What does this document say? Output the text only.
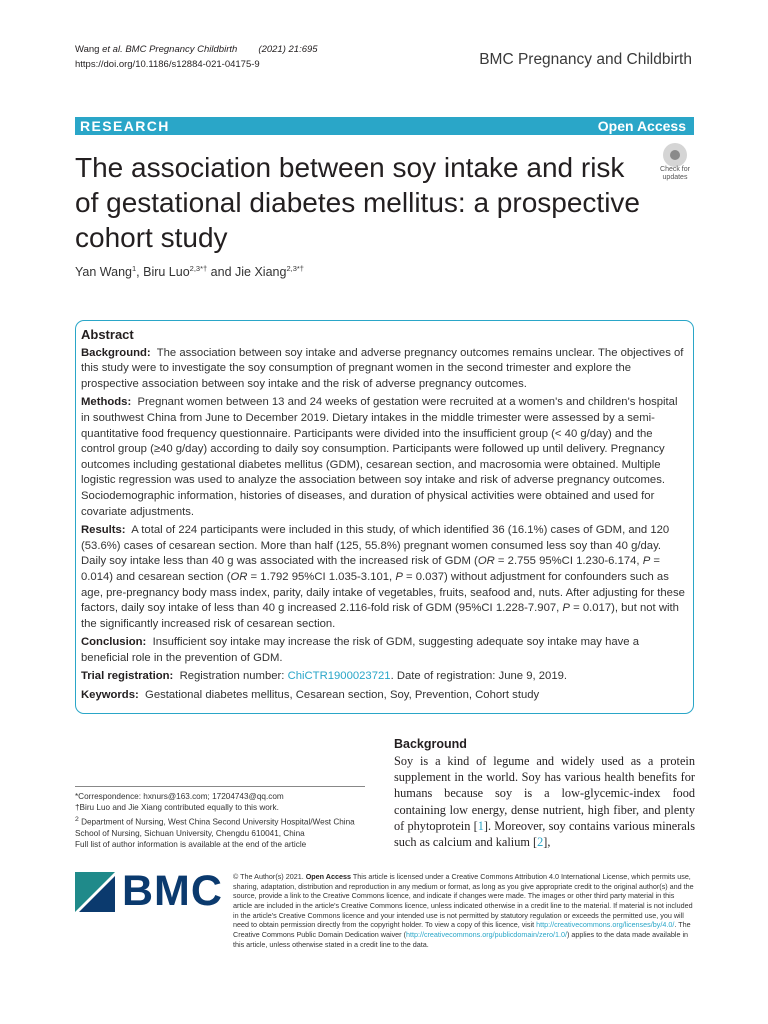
Wang et al. BMC Pregnancy Childbirth (2021) 21:695
https://doi.org/10.1186/s12884-021-04175-9	BMC Pregnancy and Childbirth
RESEARCH	Open Access
The association between soy intake and risk of gestational diabetes mellitus: a prospective cohort study
Check for
updates
Yan Wang$^1$, Biru Luo$^{2,3*\dagger}$ and Jie Xiang$^{2,3*\dagger}$
Abstract

Background: The association between soy intake and adverse pregnancy outcomes remains unclear. The objectives of this study were to investigate the soy consumption of pregnant women in the second trimester and explore the prospective association between soy intake and the risk of adverse pregnancy outcomes.

Methods: Pregnant women between 13 and 24 weeks of gestation were recruited at a women's and children's hospital in southwest China from June to December 2019. Dietary intakes in the middle trimester were assessed by a semi-quantitative food frequency questionnaire. Participants were divided into the insufficient group (< 40 g/day) and the control group (≥40 g/day) according to daily soy consumption. Participants were followed up until delivery. Pregnancy outcomes including gestational diabetes mellitus (GDM), cesarean section, and macrosomia were obtained. Multiple logistic regression was used to analyze the association between soy intake and risk of adverse pregnancy outcomes. Sociodemographic information, histories of diseases, and duration of physical activities were obtained and used for covariate adjustments.

Results: A total of 224 participants were included in this study, of which identified 36 (16.1%) cases of GDM, and 120 (53.6%) cases of cesarean section. More than half (125, 55.8%) pregnant women consumed less soy than 40 g/day. Daily soy intake less than 40 g was associated with the increased risk of GDM (OR = 2.755 95%CI 1.230-6.174, P = 0.014) and cesarean section (OR = 1.792 95%CI 1.035-3.101, P = 0.037) without adjustment for confounders such as age, pre-pregnancy body mass index, parity, daily intake of vegetables, fruits, seafood and, nuts. After adjusting for these factors, daily soy intake of less than 40 g increased 2.116-fold risk of GDM (95%CI 1.228-7.907, P = 0.017), but not with the significantly increased risk of cesarean section.

Conclusion: Insufficient soy intake may increase the risk of GDM, suggesting adequate soy intake may have a beneficial role in the prevention of GDM.

Trial registration: Registration number: ChiCTR1900023721. Date of registration: June 9, 2019.

Keywords: Gestational diabetes mellitus, Cesarean section, Soy, Prevention, Cohort study

*Correspondence: hxnurs@163.com; 17204743@qq.com
†Biru Luo and Jie Xiang contributed equally to this work.
$^2$ Department of Nursing, West China Second University Hospital/West China School of Nursing, Sichuan University, Chengdu 610041, China
Full list of author information is available at the end of the article
Background
Soy is a kind of legume and widely used as a protein supplement in the world. Soy has various health benefits for humans because soy is a low-glycemic-index food containing low energy, dense nutrient, high fiber, and plenty of phytoprotein [1]. Moreover, soy contains various minerals such as calcium and kalium [2],
BMC © The Author(s) 2021. Open Access This article is licensed under a Creative Commons Attribution 4.0 International License, which permits use, sharing, adaptation, distribution and reproduction in any medium or format, as long as you give appropriate credit to the original author(s) and the source, provide a link to the Creative Commons licence, and indicate if changes were made. The images or other third party material in this article are included in the article's Creative Commons licence, unless indicated otherwise in a credit line to the material. If material is not included in the article's Creative Commons licence and your intended use is not permitted by statutory regulation or exceeds the permitted use, you will need to obtain permission directly from the copyright holder. To view a copy of this licence, visit http://creativecommons.org/licenses/by/4.0/. The Creative Commons Public Domain Dedication waiver (http://creativecommons.org/publicdomain/zero/1.0/) applies to the data made available in this article, unless otherwise stated in a credit line to the data.
